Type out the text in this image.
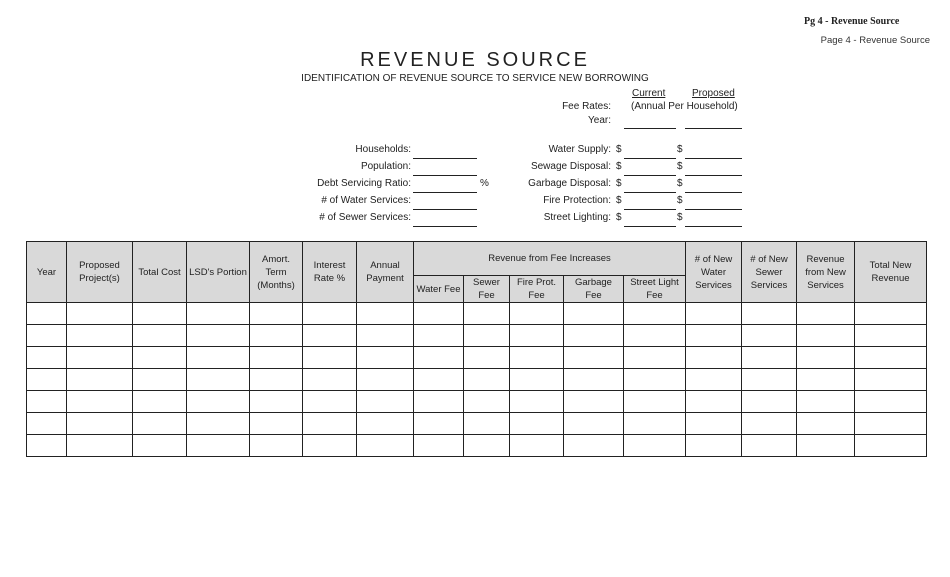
Pg 4 - Revenue Source
Page 4 - Revenue Source
REVENUE SOURCE
IDENTIFICATION OF REVENUE SOURCE TO SERVICE NEW BORROWING
Current	Proposed
Fee Rates: (Annual Per Household)
Year:
Households:
Population:
Debt Servicing Ratio:	%
# of Water Services:
# of Sewer Services:
Water Supply: $	$
Sewage Disposal: $	$
Garbage Disposal: $	$
Fire Protection: $	$
Street Lighting: $	$
Year	Proposed Project(s)	Total Cost	LSD's Portion	Amort. Term (Months)	Interest Rate %	Annual Payment	Revenue from Fee Increases					# of New Water Services	# of New Sewer Services	Revenue from New Services	Total New Revenue
							Water Fee	Sewer Fee	Fire Prot. Fee	Garbage Fee	Street Light Fee				
